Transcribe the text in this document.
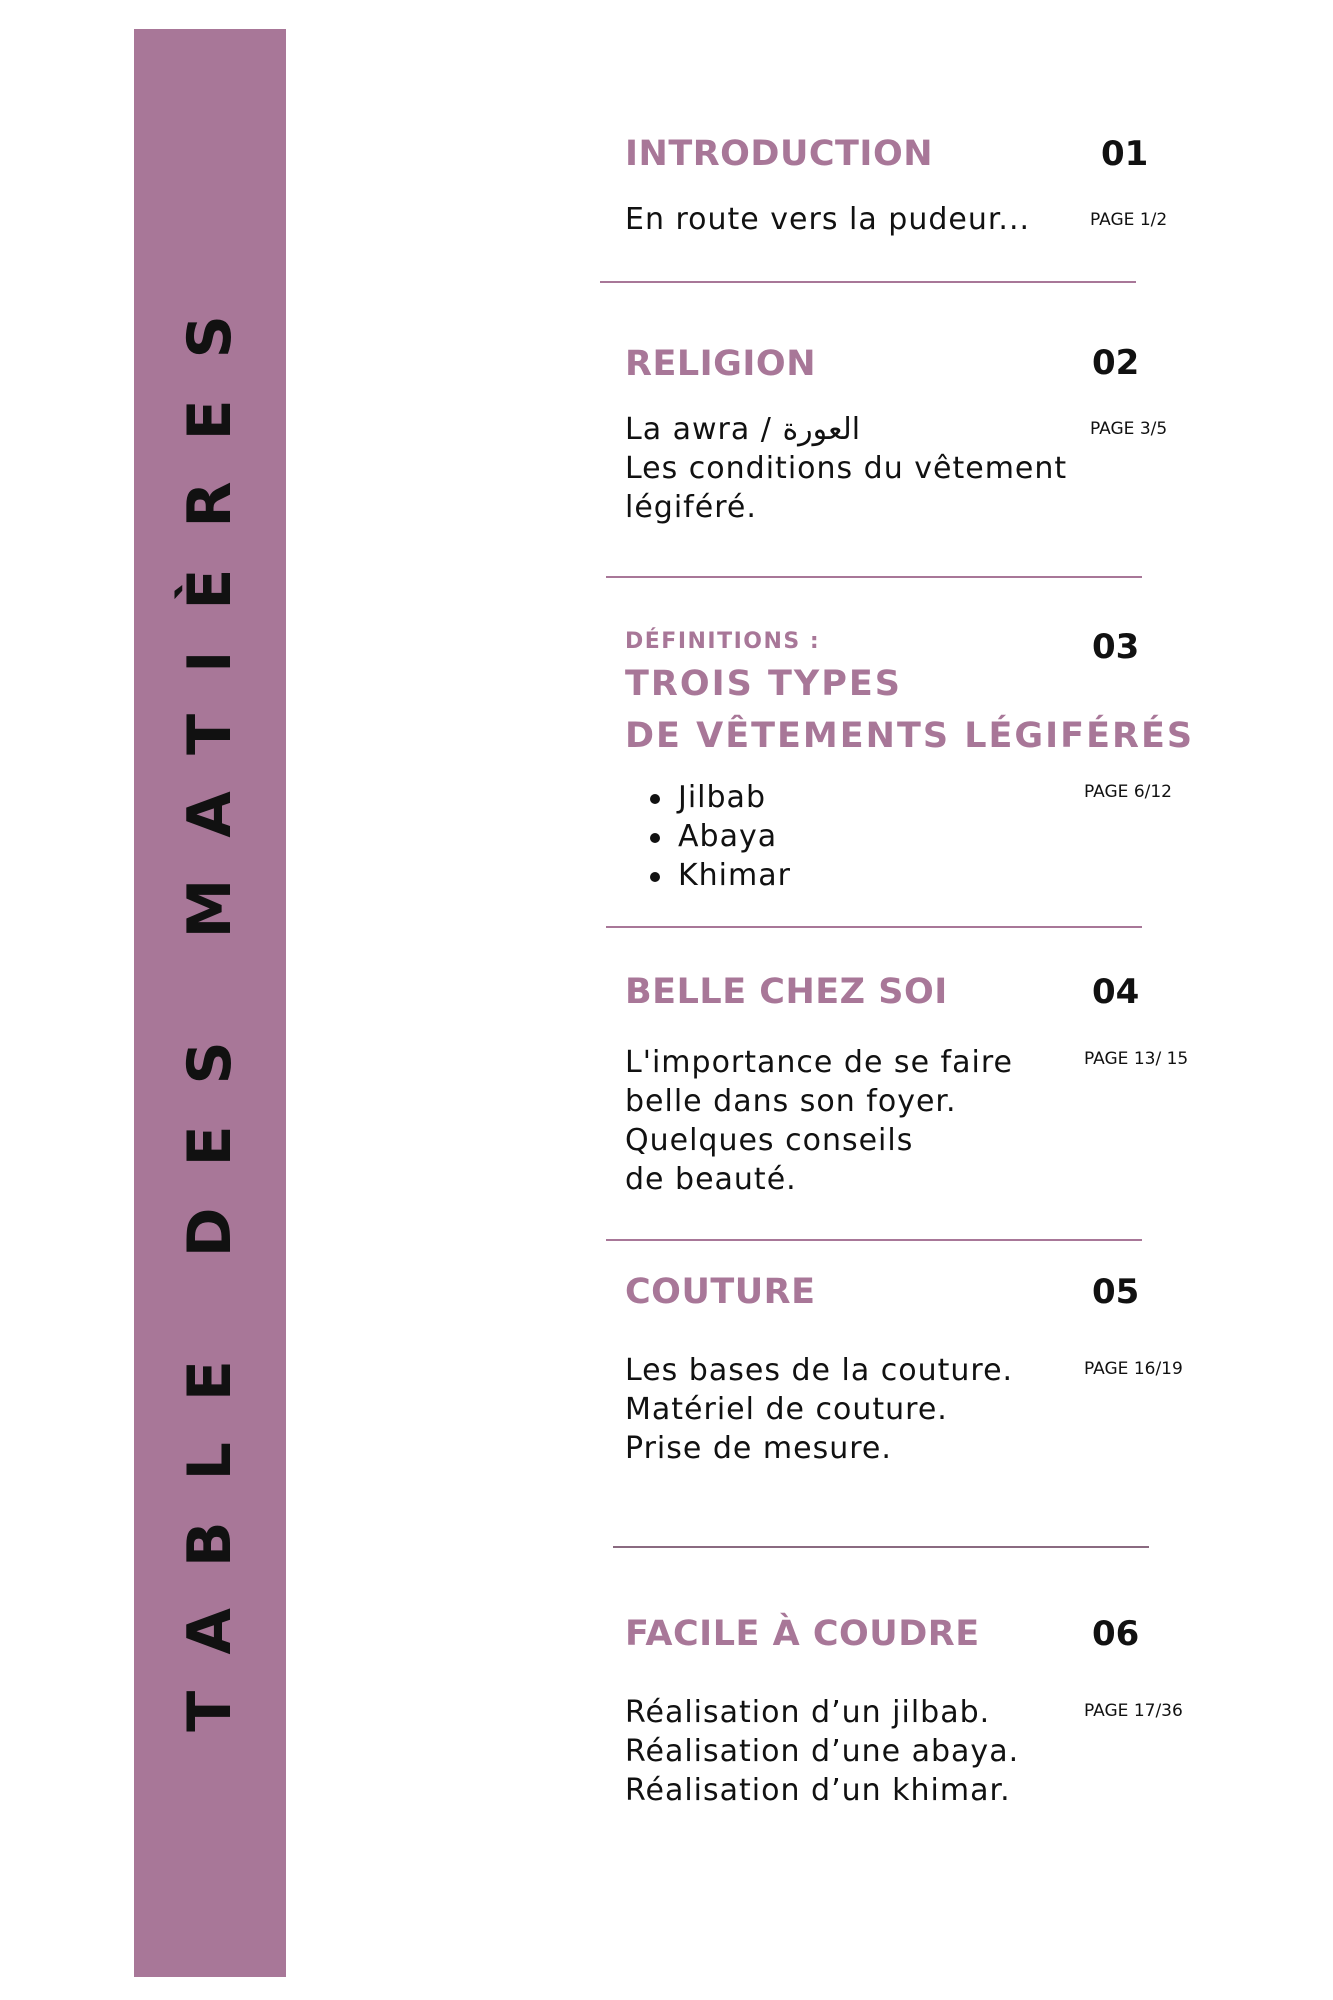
TABLE DES MATIÈRES
INTRODUCTION	01
En route vers la pudeur...	PAGE 1/2
RELIGION	02
La awra / العورة
Les conditions du vêtement
légiféré.
PAGE 3/5
DÉFINITIONS :	03
TROIS TYPES
DE VÊTEMENTS LÉGIFÉRÉS
Jilbab
Abaya
Khimar
PAGE 6/12
BELLE CHEZ SOI	04
L'importance de se faire
belle dans son foyer.
Quelques conseils
de beauté.
PAGE 13/ 15
COUTURE	05
Les bases de la couture.
Matériel de couture.
Prise de mesure.
PAGE 16/19
FACILE À COUDRE	06
Réalisation d’un jilbab.
Réalisation d’une abaya.
Réalisation d’un khimar.
PAGE 17/36
